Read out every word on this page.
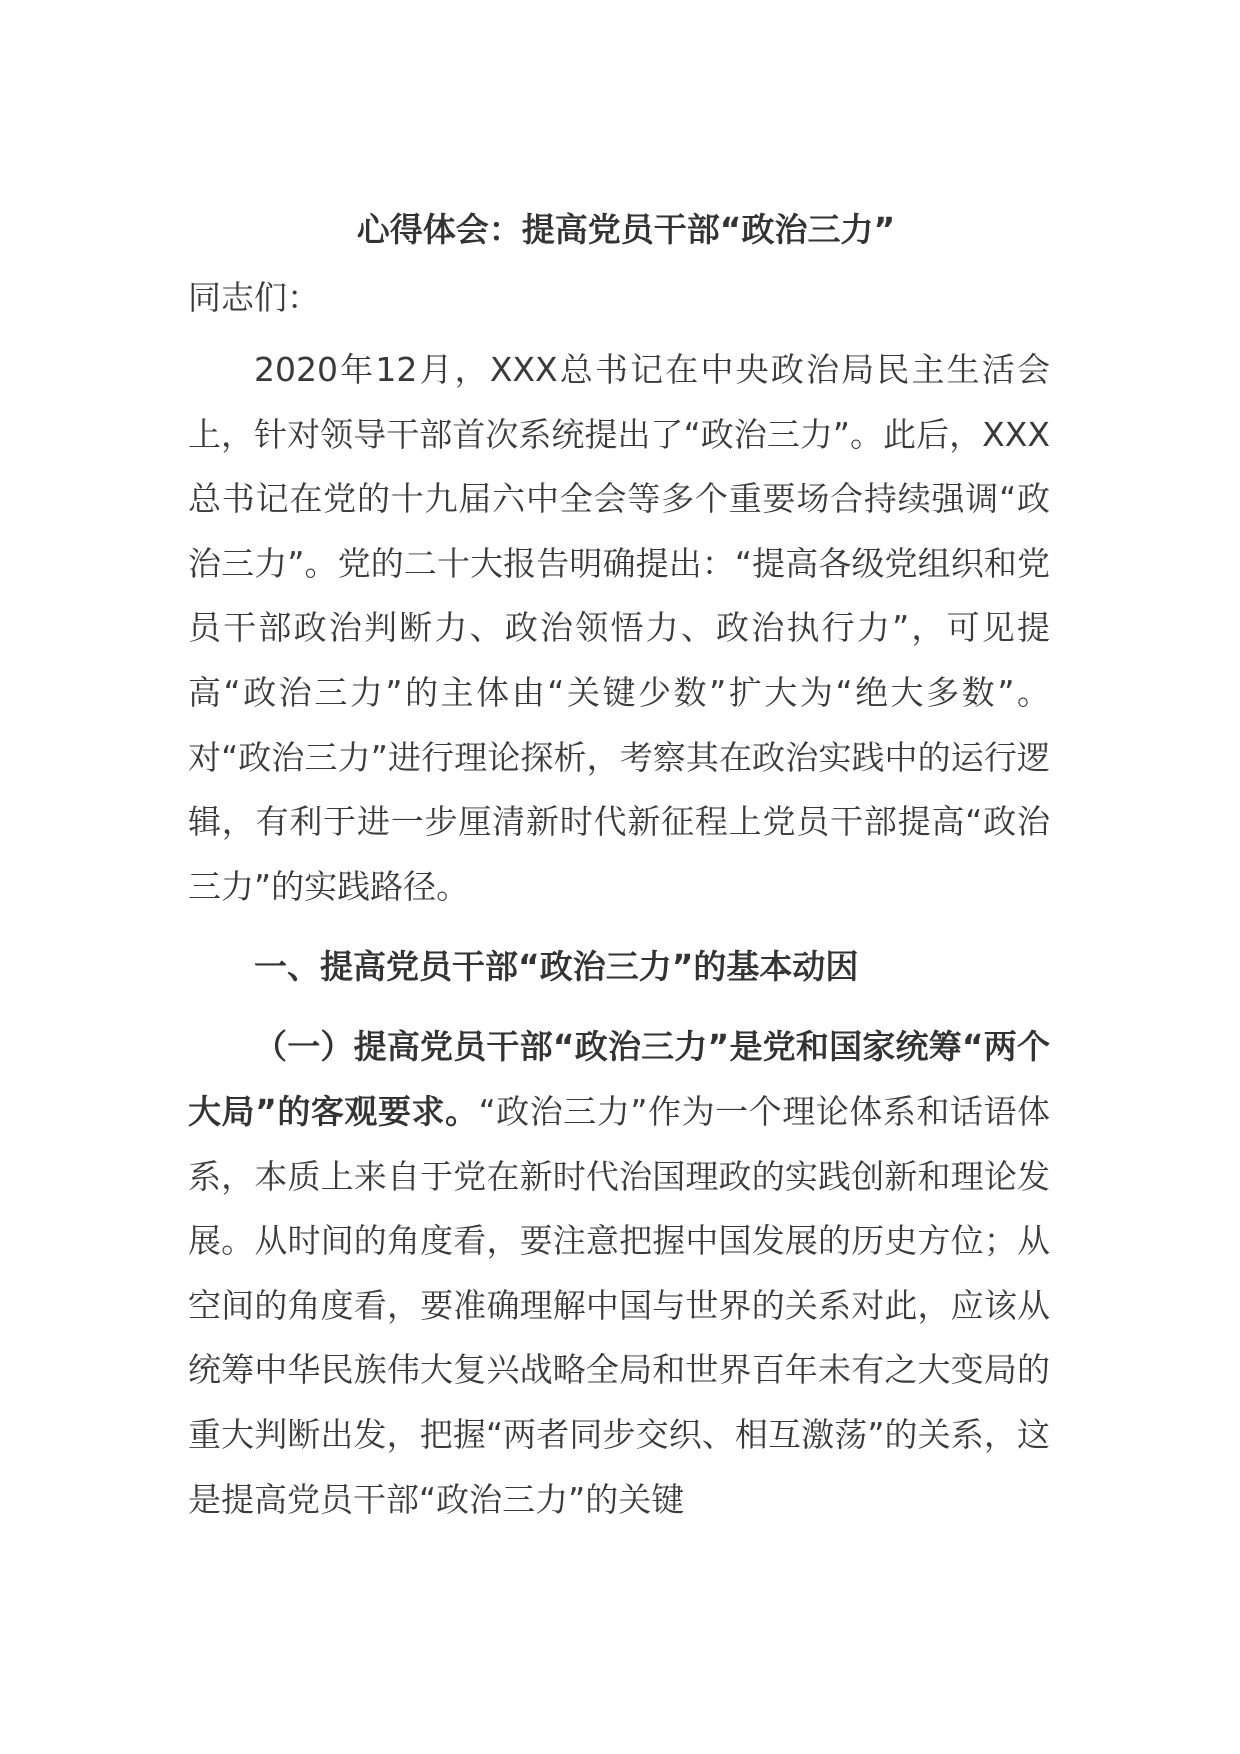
心得体会：提高党员干部“政治三力”

同志们：

2020年12月，XXX总书记在中央政治局民主生活会上，针对领导干部首次系统提出了“政治三力”。此后，XXX总书记在党的十九届六中全会等多个重要场合持续强调“政治三力”。党的二十大报告明确提出：“提高各级党组织和党员干部政治判断力、政治领悟力、政治执行力”，可见提高“政治三力”的主体由“关键少数”扩大为“绝大多数”。对“政治三力”进行理论探析，考察其在政治实践中的运行逻辑，有利于进一步厘清新时代新征程上党员干部提高“政治三力”的实践路径。

一、提高党员干部“政治三力”的基本动因

（一）提高党员干部“政治三力”是党和国家统筹“两个大局”的客观要求。“政治三力”作为一个理论体系和话语体系，本质上来自于党在新时代治国理政的实践创新和理论发展。从时间的角度看，要注意把握中国发展的历史方位；从空间的角度看，要准确理解中国与世界的关系对此，应该从统筹中华民族伟大复兴战略全局和世界百年未有之大变局的重大判断出发，把握“两者同步交织、相互激荡”的关系，这是提高党员干部“政治三力”的关键
